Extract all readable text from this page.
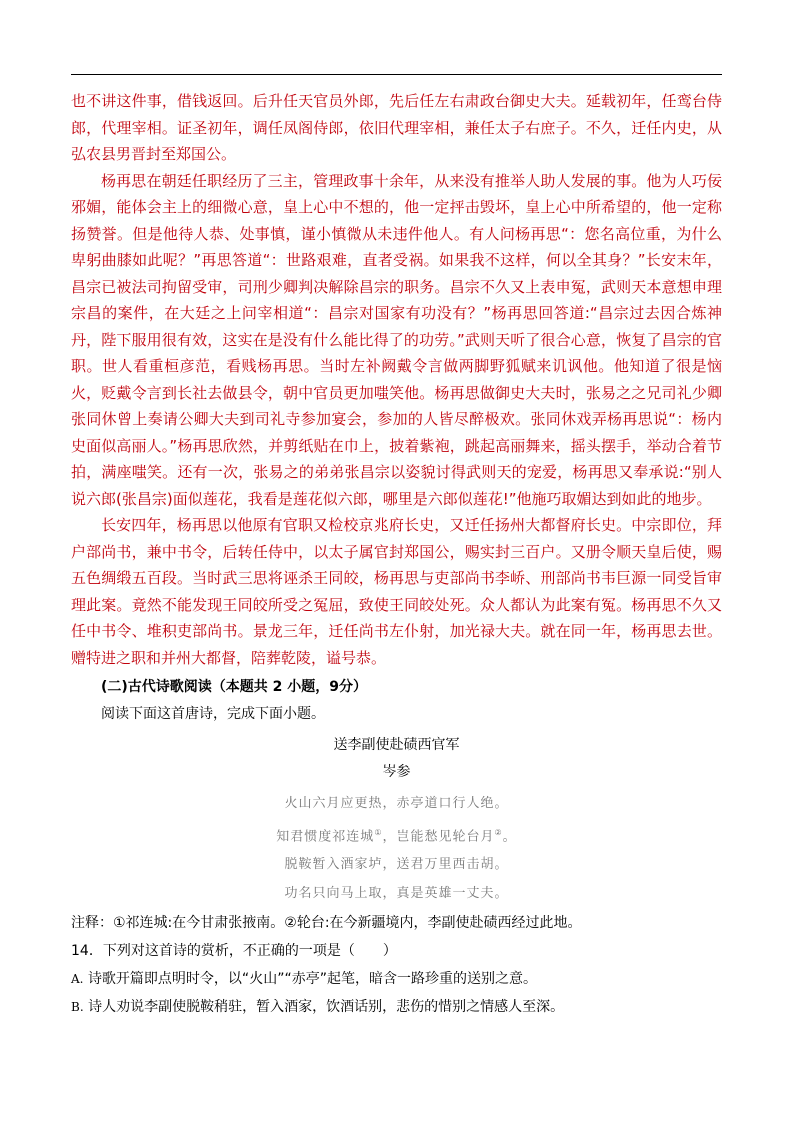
也不讲这件事，借钱返回。后升任天官员外郎，先后任左右肃政台御史大夫。延载初年，任鸾台侍郎，代理宰相。证圣初年，调任凤阁侍郎，依旧代理宰相，兼任太子右庶子。不久，迁任内史，从弘农县男晋封至郑国公。

杨再思在朝廷任职经历了三主，管理政事十余年，从来没有推举人助人发展的事。他为人巧佞邪媚，能体会主上的细微心意，皇上心中不想的，他一定抨击毁坏，皇上心中所希望的，他一定称扬赞誉。但是他待人恭、处事慎，谨小慎微从未违件他人。有人问杨再思“：您名高位重，为什么卑躬曲膝如此呢？”再思答道“：世路艰难，直者受祸。如果我不这样，何以全其身？”长安末年，昌宗已被法司拘留受审，司刑少卿判决解除昌宗的职务。昌宗不久又上表申冤，武则天本意想申理宗昌的案件，在大廷之上问宰相道“：昌宗对国家有功没有？”杨再思回答道:“昌宗过去因合炼神丹，陛下服用很有效，这实在是没有什么能比得了的功劳。”武则天听了很合心意，恢复了昌宗的官职。世人看重桓彦范，看贱杨再思。当时左补阙戴令言做两脚野狐赋来讥讽他。他知道了很是恼火，贬戴令言到长社去做县令，朝中官员更加嗤笑他。杨再思做御史大夫时，张易之之兄司礼少卿张同休曾上奏请公卿大夫到司礼寺参加宴会，参加的人皆尽醉极欢。张同休戏弄杨再思说“：杨内史面似高丽人。”杨再思欣然，并剪纸贴在巾上，披着紫袍，跳起高丽舞来，摇头摆手，举动合着节拍，满座嗤笑。还有一次，张易之的弟弟张昌宗以姿貌讨得武则天的宠爱，杨再思又奉承说:“别人说六郎(张昌宗)面似莲花，我看是莲花似六郎，哪里是六郎似莲花!”他施巧取媚达到如此的地步。

长安四年，杨再思以他原有官职又检校京兆府长史，又迁任扬州大都督府长史。中宗即位，拜户部尚书，兼中书令，后转任侍中，以太子属官封郑国公，赐实封三百户。又册令顺天皇后使，赐五色绸缎五百段。当时武三思将诬杀王同皎，杨再思与吏部尚书李峤、刑部尚书韦巨源一同受旨审理此案。竟然不能发现王同皎所受之冤屈，致使王同皎处死。众人都认为此案有冤。杨再思不久又任中书令、堆积吏部尚书。景龙三年，迁任尚书左仆射，加光禄大夫。就在同一年，杨再思去世。赠特进之职和并州大都督，陪葬乾陵，谥号恭。

(二)古代诗歌阅读（本题共 2 小题，9分）

阅读下面这首唐诗，完成下面小题。

送李副使赴碛西官军

岑参

火山六月应更热，赤亭道口行人绝。

知君惯度祁连城①，岂能愁见轮台月②。

脱鞍暂入酒家垆，送君万里西击胡。

功名只向马上取，真是英雄一丈夫。

注释：①祁连城:在今甘肃张掖南。②轮台:在今新疆境内，李副使赴碛西经过此地。

14．下列对这首诗的赏析，不正确的一项是（　　）

A. 诗歌开篇即点明时令，以“火山”“赤亭”起笔，暗含一路珍重的送别之意。

B. 诗人劝说李副使脱鞍稍驻，暂入酒家，饮酒话别，悲伤的惜别之情感人至深。
